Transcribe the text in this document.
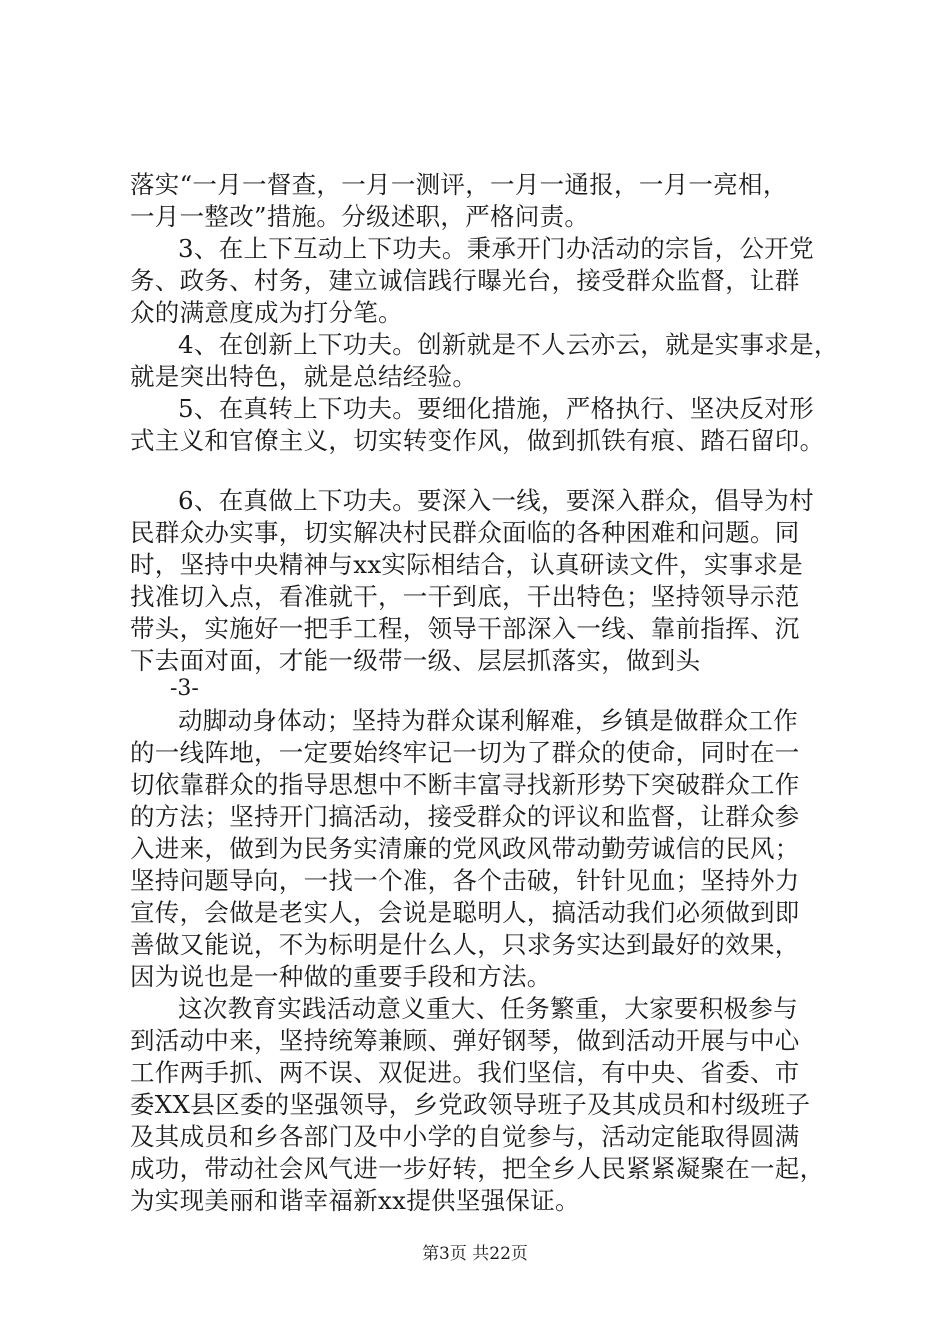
落实“一月一督查，一月一测评，一月一通报，一月一亮相，
一月一整改”措施。分级述职，严格问责。
3、在上下互动上下功夫。秉承开门办活动的宗旨，公开党
务、政务、村务，建立诚信践行曝光台，接受群众监督，让群
众的满意度成为打分笔。
4、在创新上下功夫。创新就是不人云亦云，就是实事求是，
就是突出特色，就是总结经验。
5、在真转上下功夫。要细化措施，严格执行、坚决反对形
式主义和官僚主义，切实转变作风，做到抓铁有痕、踏石留印。
6、在真做上下功夫。要深入一线，要深入群众，倡导为村
民群众办实事，切实解决村民群众面临的各种困难和问题。同
时，坚持中央精神与xx实际相结合，认真研读文件，实事求是
找准切入点，看准就干，一干到底，干出特色；坚持领导示范
带头，实施好一把手工程，领导干部深入一线、靠前指挥、沉
下去面对面，才能一级带一级、层层抓落实，做到头
-3-
动脚动身体动；坚持为群众谋利解难，乡镇是做群众工作
的一线阵地，一定要始终牢记一切为了群众的使命，同时在一
切依靠群众的指导思想中不断丰富寻找新形势下突破群众工作
的方法；坚持开门搞活动，接受群众的评议和监督，让群众参
入进来，做到为民务实清廉的党风政风带动勤劳诚信的民风；
坚持问题导向，一找一个准，各个击破，针针见血；坚持外力
宣传，会做是老实人，会说是聪明人，搞活动我们必须做到即
善做又能说，不为标明是什么人，只求务实达到最好的效果，
因为说也是一种做的重要手段和方法。
这次教育实践活动意义重大、任务繁重，大家要积极参与
到活动中来，坚持统筹兼顾、弹好钢琴，做到活动开展与中心
工作两手抓、两不误、双促进。我们坚信，有中央、省委、市
委XX县区委的坚强领导，乡党政领导班子及其成员和村级班子
及其成员和乡各部门及中小学的自觉参与，活动定能取得圆满
成功，带动社会风气进一步好转，把全乡人民紧紧凝聚在一起，
为实现美丽和谐幸福新xx提供坚强保证。
第3页 共22页
